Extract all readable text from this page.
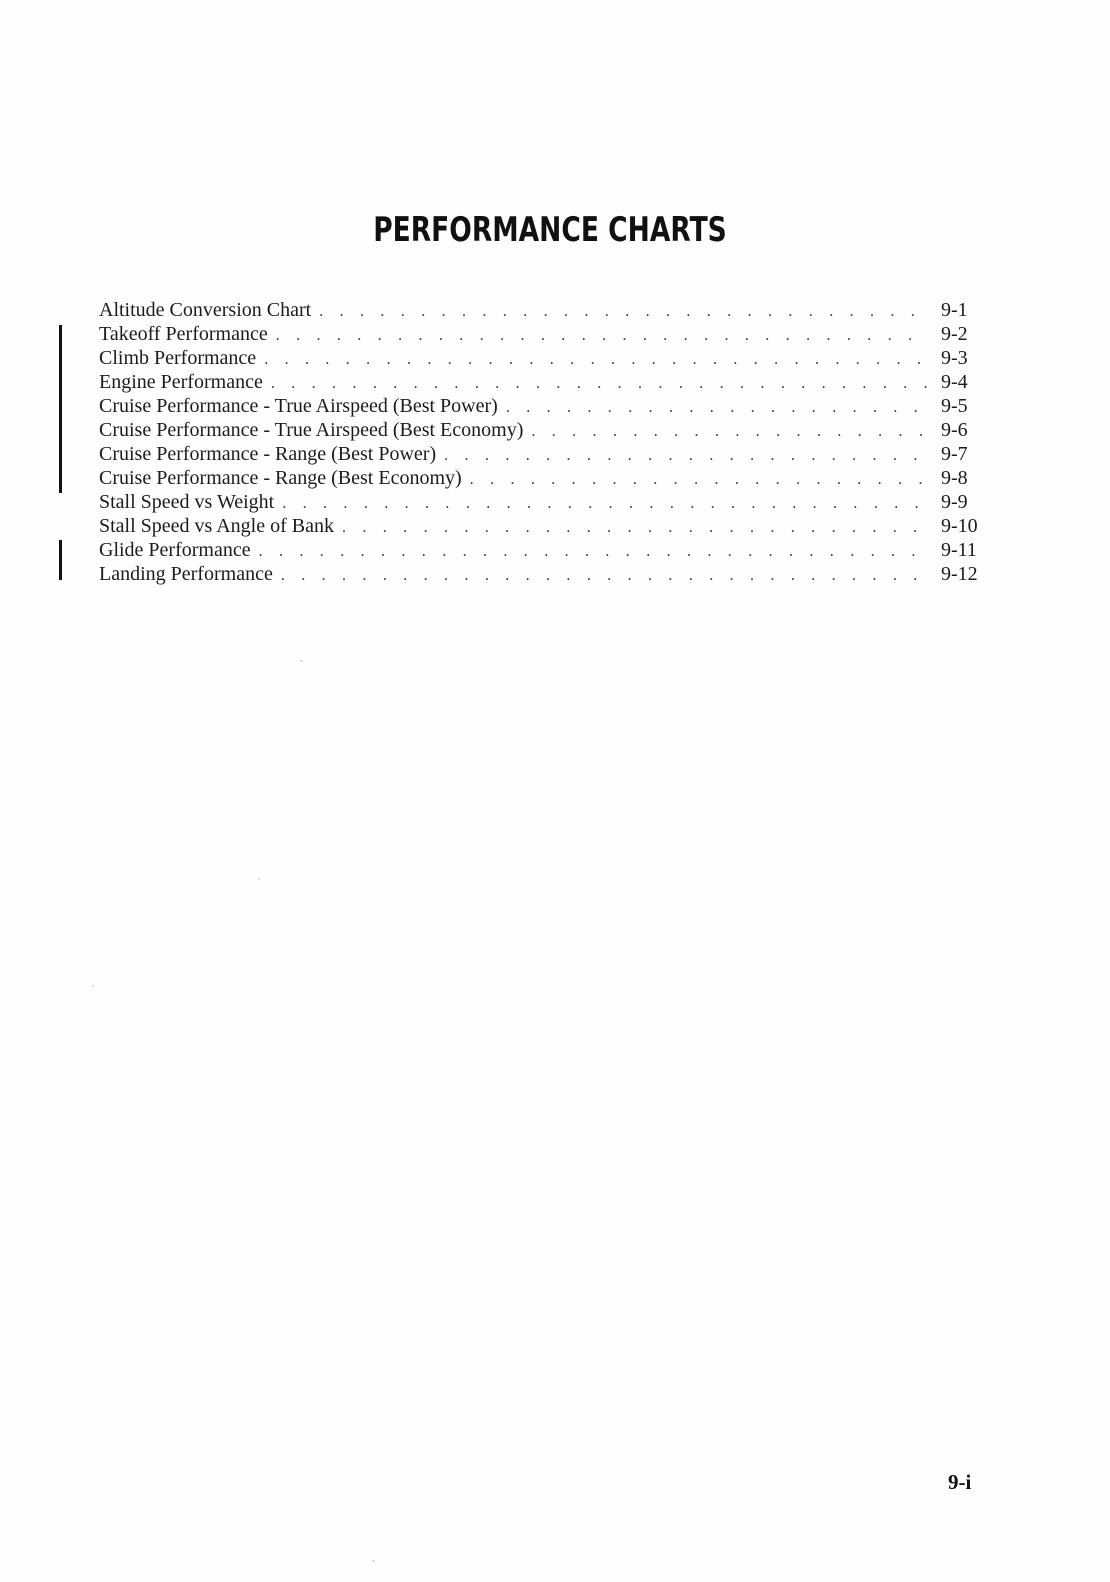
PERFORMANCE CHARTS
Altitude Conversion Chart . . .	9-1
Takeoff Performance . . .	9-2
Climb Performance . . .	9-3
Engine Performance . . .	9-4
Cruise Performance - True Airspeed (Best Power) . . .	9-5
Cruise Performance - True Airspeed (Best Economy) . . .	9-6
Cruise Performance - Range (Best Power) . . .	9-7
Cruise Performance - Range (Best Economy) . . .	9-8
Stall Speed vs Weight . . .	9-9
Stall Speed vs Angle of Bank . . .	9-10
Glide Performance . . .	9-11
Landing Performance . . .	9-12
9-i
